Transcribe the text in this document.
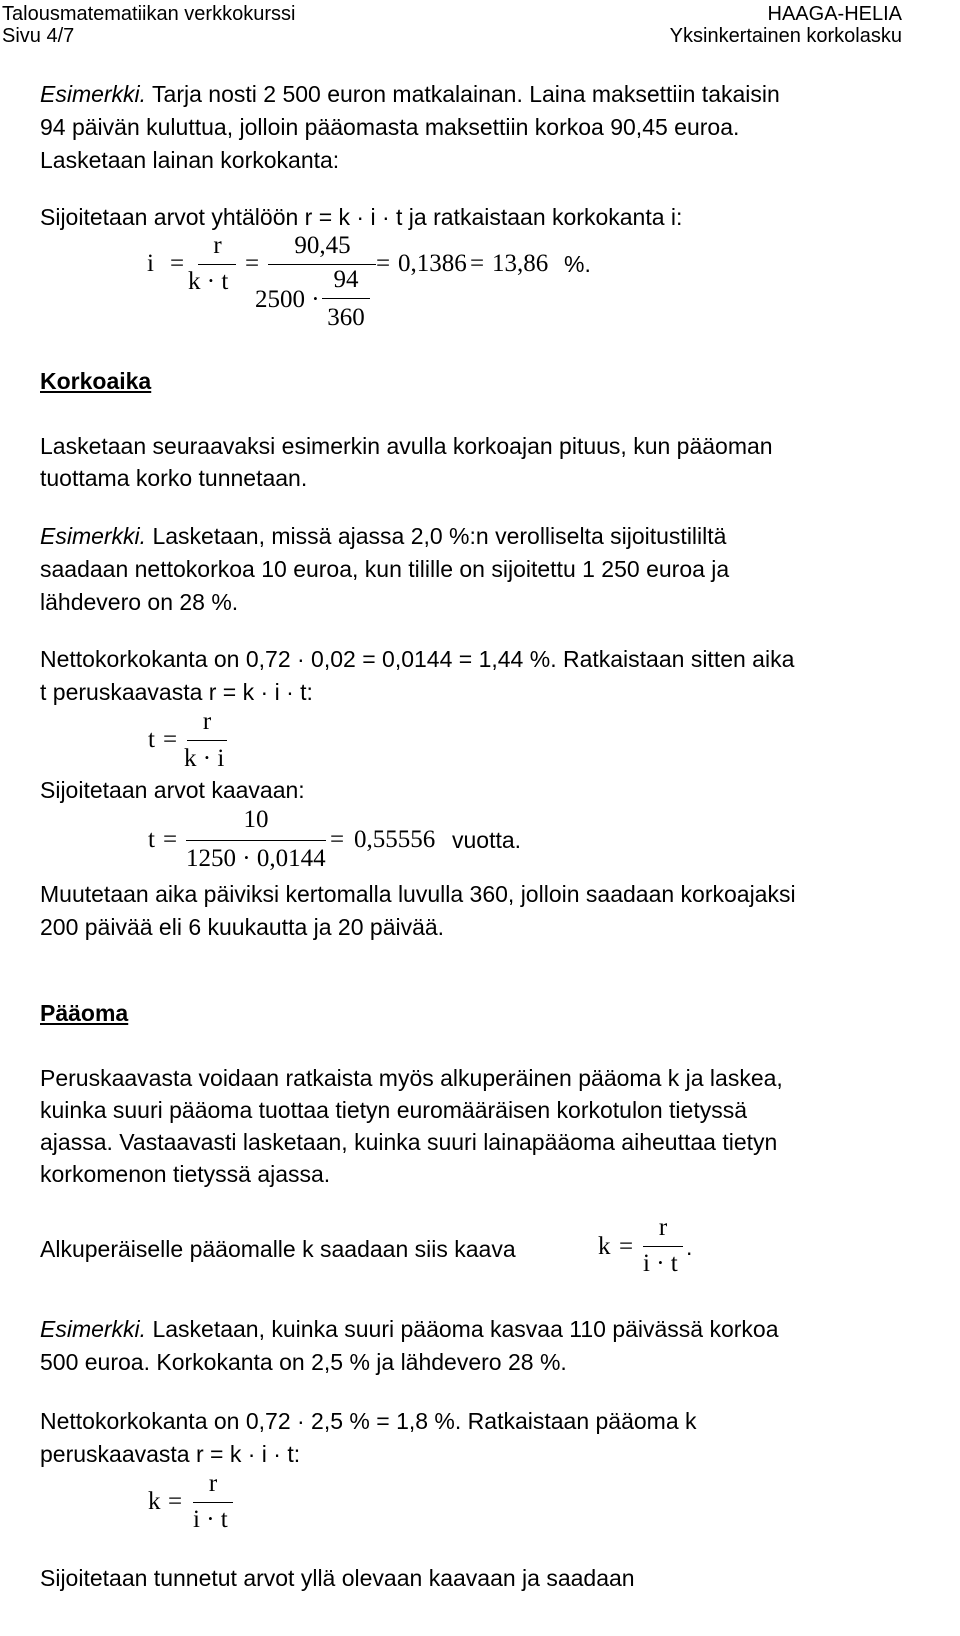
Talousmatematiikan verkkokurssi
Sivu 4/7
HAAGA-HELIA
Yksinkertainen korkolasku
Esimerkki. Tarja nosti 2 500 euron matkalainan. Laina maksettiin takaisin
94 päivän kuluttua, jolloin pääomasta maksettiin korkoa 90,45 euroa.
Lasketaan lainan korkokanta:
Sijoitetaan arvot yhtälöön r = k · i · t ja ratkaistaan korkokanta i:
i =
r
k · t
=
90,45
2500 ·
94
360
= 0,1386 = 13,86 %.
Korkoaika
Lasketaan seuraavaksi esimerkin avulla korkoajan pituus, kun pääoman
tuottama korko tunnetaan.
Esimerkki. Lasketaan, missä ajassa 2,0 %:n verolliselta sijoitustililtä
saadaan nettokorkoa 10 euroa, kun tilille on sijoitettu 1 250 euroa ja
lähdevero on 28 %.
Nettokorkokanta on 0,72 · 0,02 = 0,0144 = 1,44 %. Ratkaistaan sitten aika
t peruskaavasta r = k · i · t:
t =
r
k · i
Sijoitetaan arvot kaavaan:
t =
10
1250 · 0,0144
= 0,55556 vuotta.
Muutetaan aika päiviksi kertomalla luvulla 360, jolloin saadaan korkoajaksi
200 päivää eli 6 kuukautta ja 20 päivää.
Pääoma
Peruskaavasta voidaan ratkaista myös alkuperäinen pääoma k ja laskea,
kuinka suuri pääoma tuottaa tietyn euromääräisen korkotulon tietyssä
ajassa. Vastaavasti lasketaan, kuinka suuri lainapääoma aiheuttaa tietyn
korkomenon tietyssä ajassa.
Alkuperäiselle pääomalle k saadaan siis kaava	k =
r
i · t
.
Esimerkki. Lasketaan, kuinka suuri pääoma kasvaa 110 päivässä korkoa
500 euroa. Korkokanta on 2,5 % ja lähdevero 28 %.
Nettokorkokanta on 0,72 · 2,5 % = 1,8 %. Ratkaistaan pääoma k
peruskaavasta r = k · i · t:
k =
r
i · t
Sijoitetaan tunnetut arvot yllä olevaan kaavaan ja saadaan
